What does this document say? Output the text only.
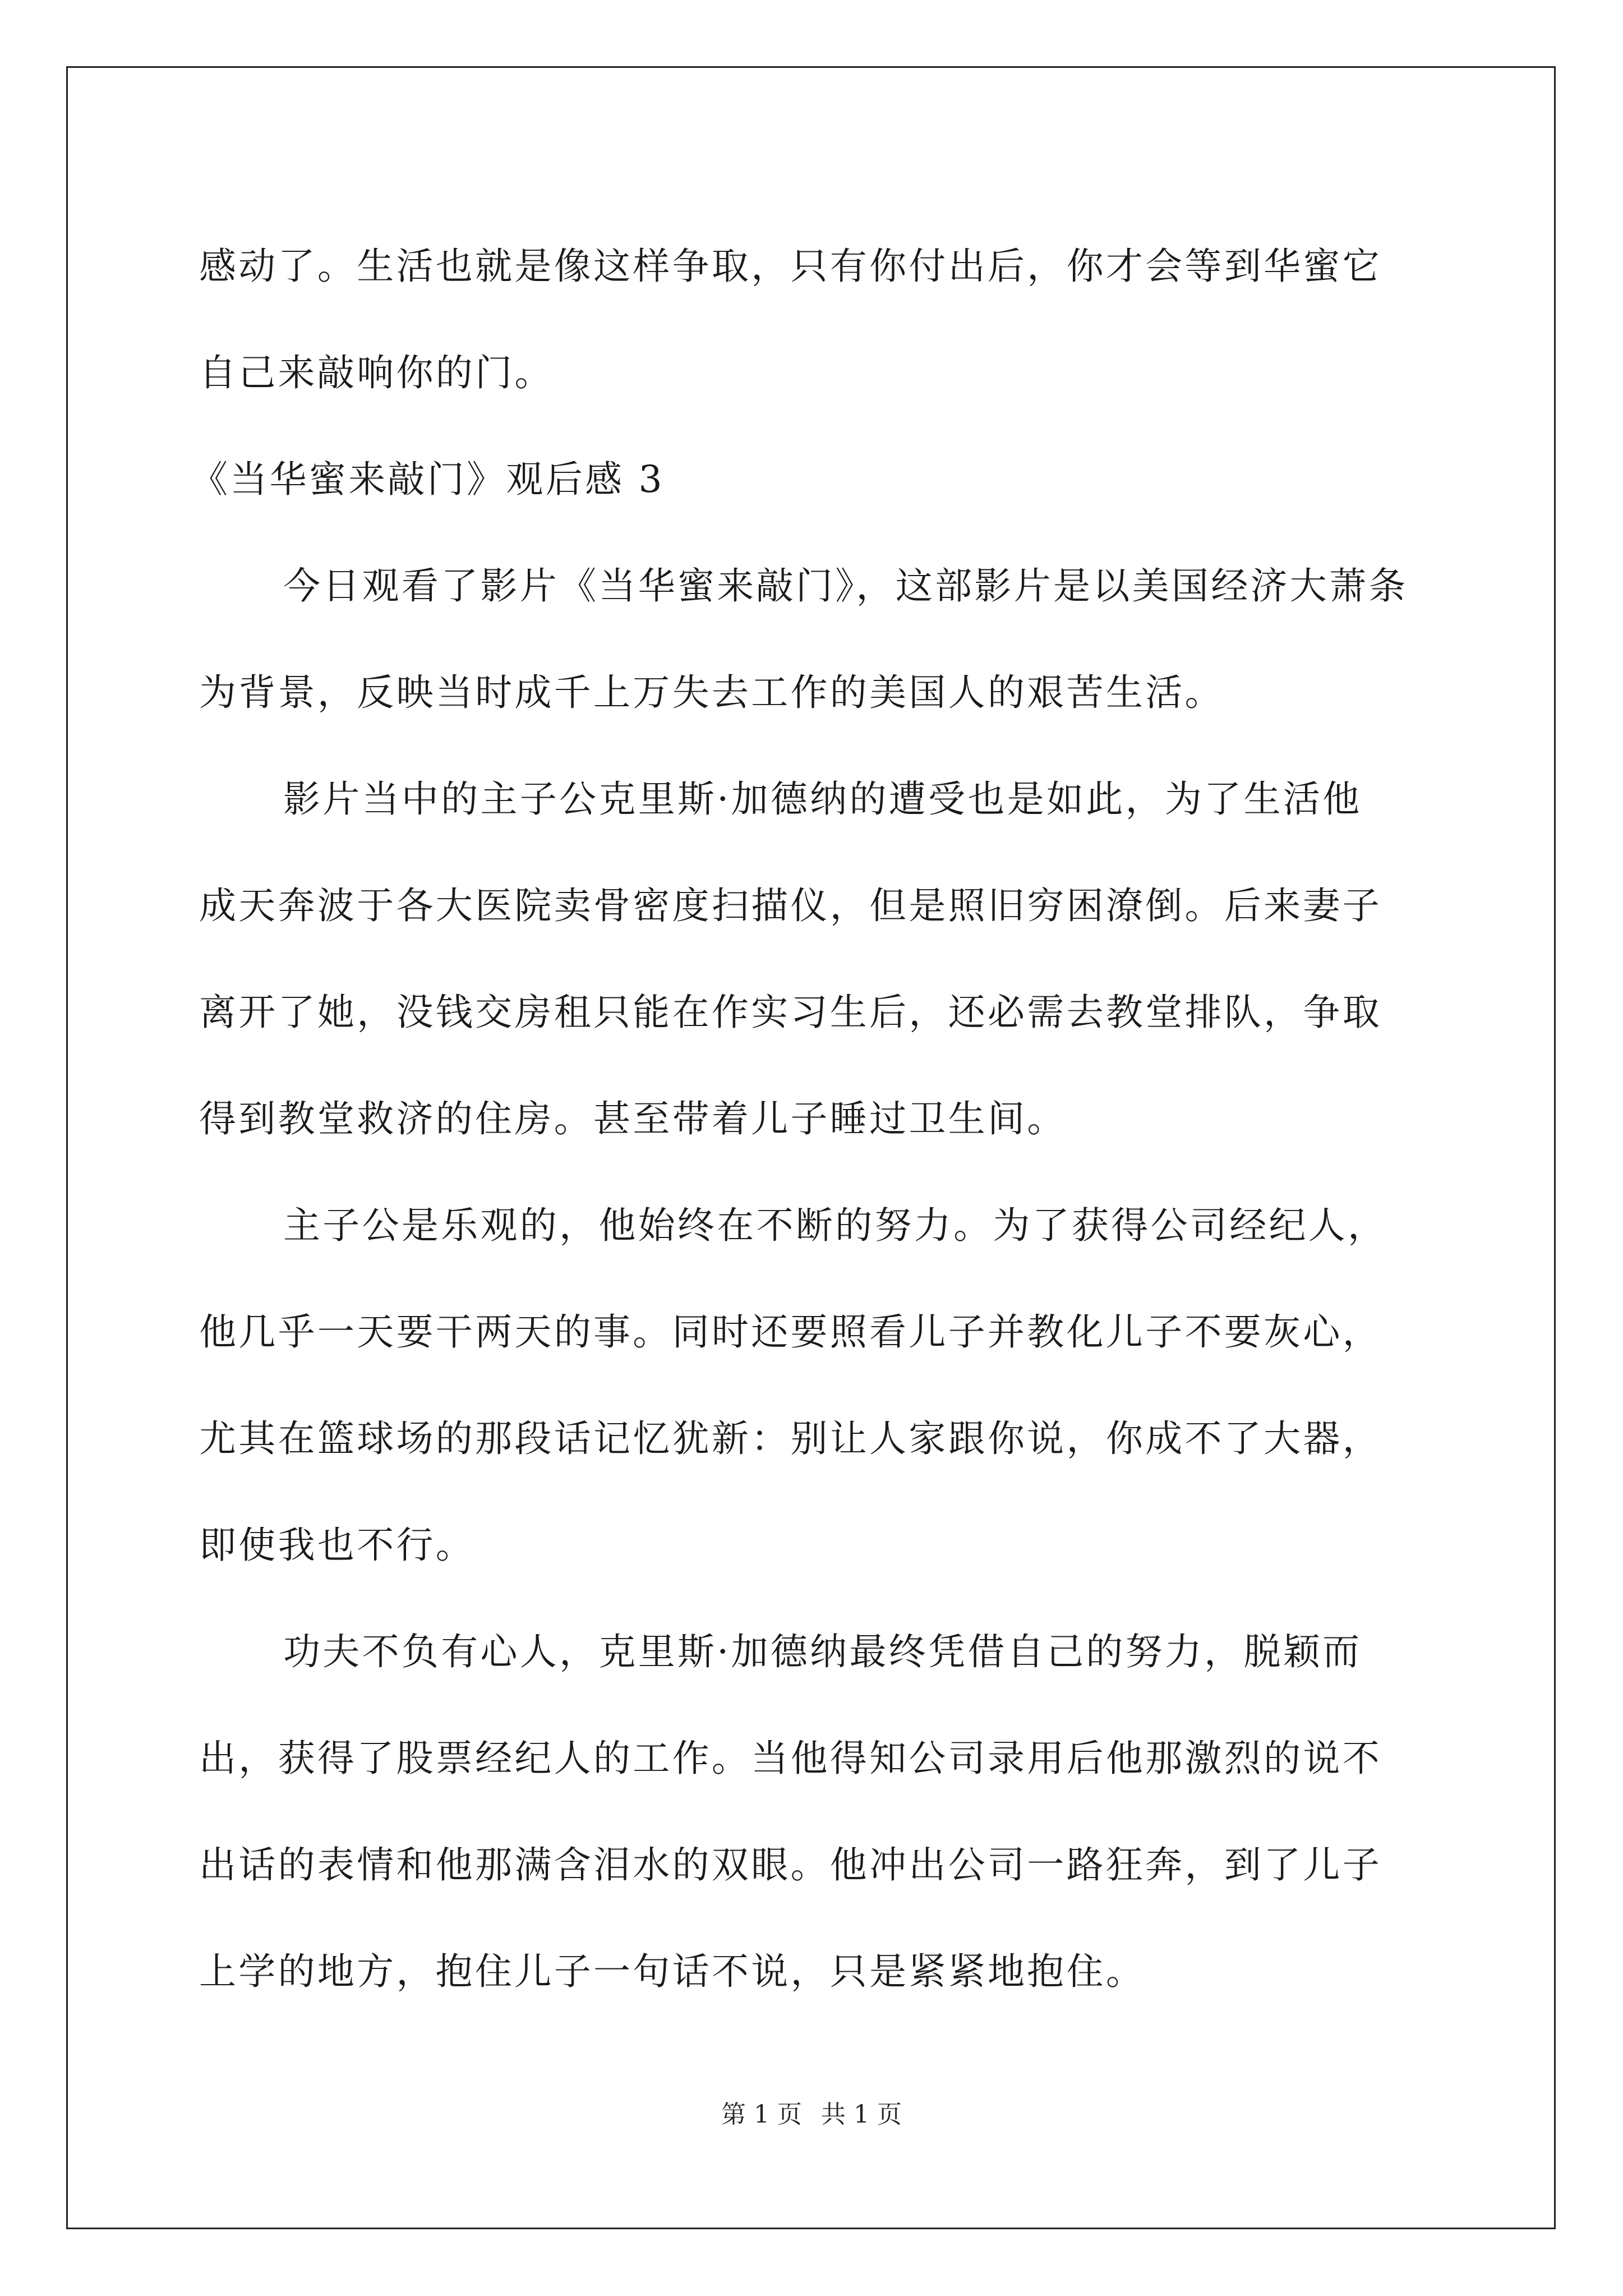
感动了。生活也就是像这样争取，只有你付出后，你才会等到华蜜它
自己来敲响你的门。
《当华蜜来敲门》观后感 3
今日观看了影片《当华蜜来敲门》，这部影片是以美国经济大萧条
为背景，反映当时成千上万失去工作的美国人的艰苦生活。
影片当中的主子公克里斯·加德纳的遭受也是如此，为了生活他
成天奔波于各大医院卖骨密度扫描仪，但是照旧穷困潦倒。后来妻子
离开了她，没钱交房租只能在作实习生后，还必需去教堂排队，争取
得到教堂救济的住房。甚至带着儿子睡过卫生间。
主子公是乐观的，他始终在不断的努力。为了获得公司经纪人，
他几乎一天要干两天的事。同时还要照看儿子并教化儿子不要灰心，
尤其在篮球场的那段话记忆犹新：别让人家跟你说，你成不了大器，
即使我也不行。
功夫不负有心人，克里斯·加德纳最终凭借自己的努力，脱颖而
出，获得了股票经纪人的工作。当他得知公司录用后他那激烈的说不
出话的表情和他那满含泪水的双眼。他冲出公司一路狂奔，到了儿子
上学的地方，抱住儿子一句话不说，只是紧紧地抱住。
第 1 页 共 1 页
